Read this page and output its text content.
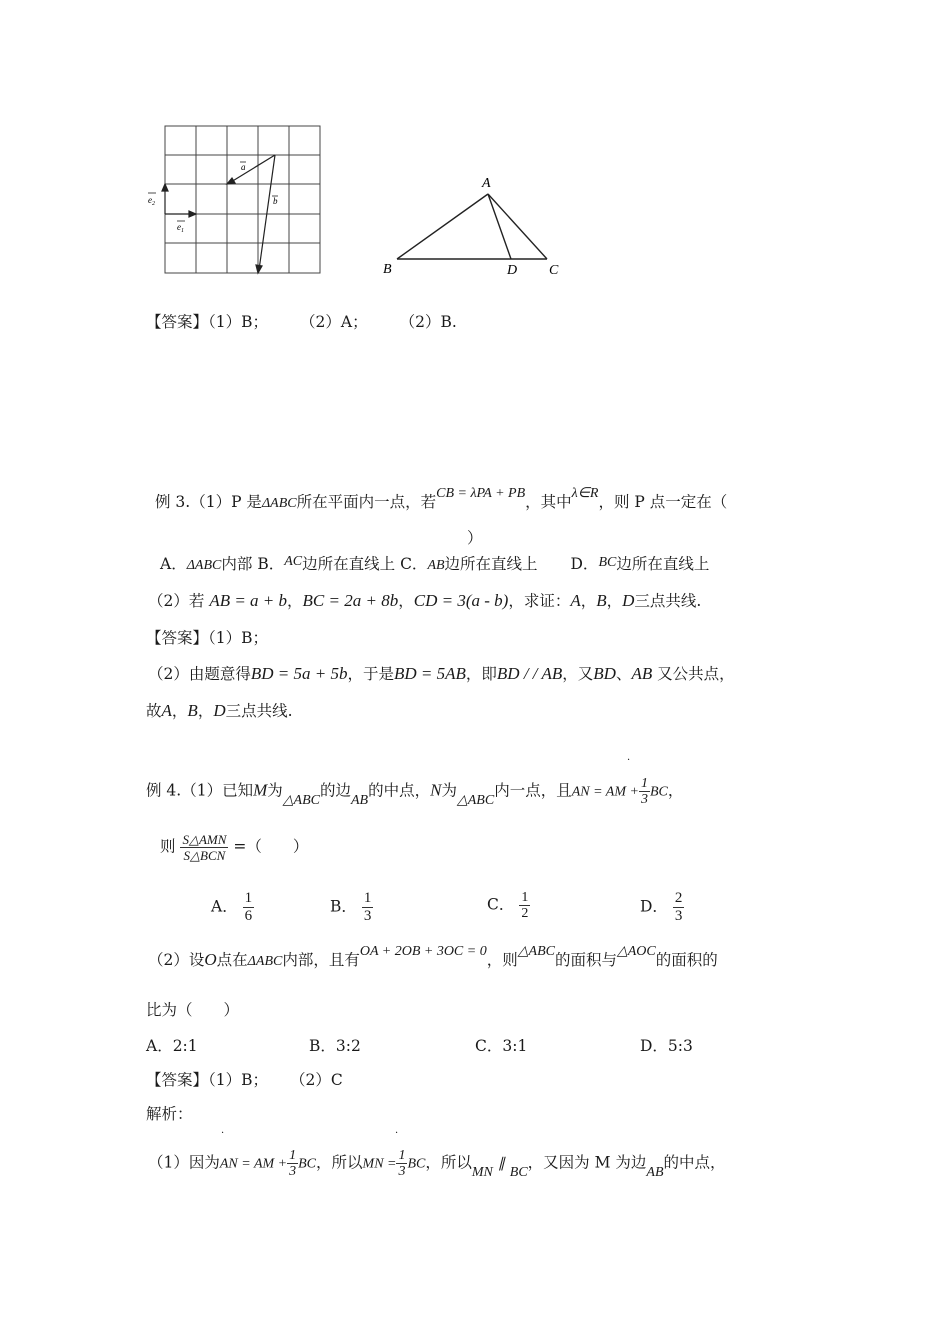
$e_1$
$e_2$
a
b
A
B	D C
【答案】（1）B； （2）A； （2）B.
例 3.（1）P 是ΔABC所在平面内一点，若CB = λPA + PB，其中λ∈R，则 P 点一定在（
）
A．ΔABC内部 B．AC边所在直线上 C．AB边所在直线上 D．BC边所在直线上
（2）若 AB = a + b，BC = 2a + 8b，CD = 3(a - b)，求证：A，B，D三点共线.
【答案】（1）B；
（2）由题意得BD = 5a + 5b，于是BD = 5AB，即BD / / AB，又BD、AB 又公共点，
故A，B，D三点共线.
例 4.（1）已知M为△ABC的边AB的中点，N为△ABC内一点，且AN = AM + $\frac{1}{3}$ BC，
·
则 $\frac{\text{S△AMN}}{\text{S△BCN}}$ =（　　）
A． $\frac{1}{6}$	B． $\frac{1}{3}$	C． $\frac{1}{2}$	D． $\frac{2}{3}$
（2）设O点在ΔABC内部，且有OA + 2OB + 3OC = 0，则△ABC的面积与△AOC的面积的
比为（　　）
A．2:1	B．3:2	C．3:1	D．5:3
【答案】（1）B； （2）C
解析：
·	·
（1）因为AN = AM + $\frac{1}{3}$ BC，所以MN = $\frac{1}{3}$ BC，所以MN ∥ BC，又因为 M 为边AB的中点，
